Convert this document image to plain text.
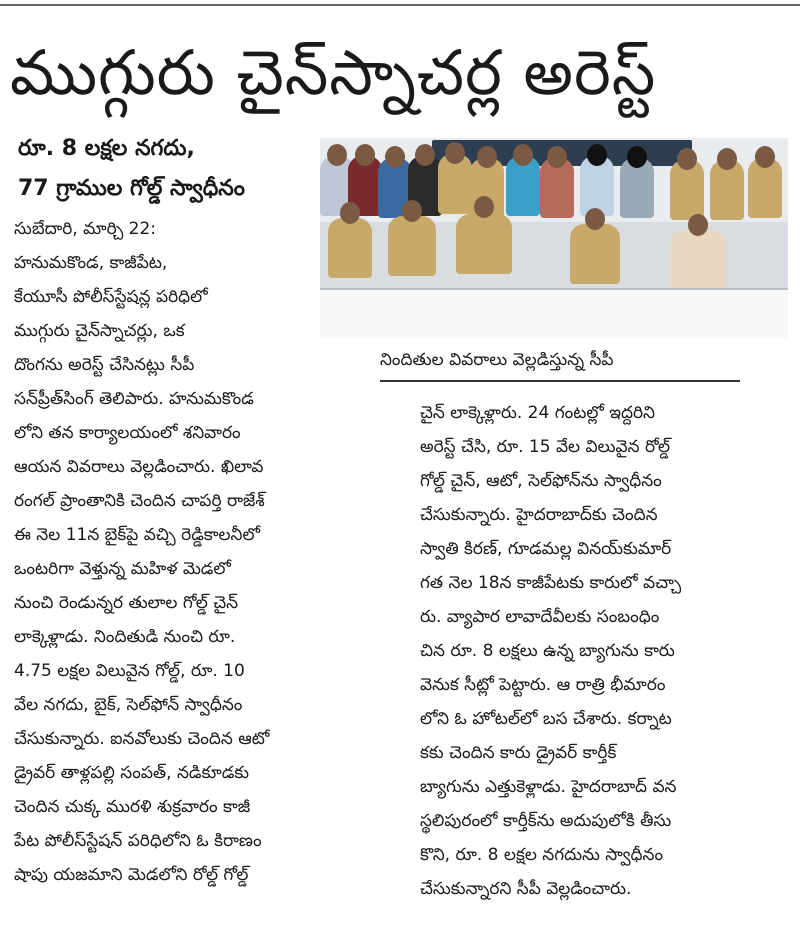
ముగ్గురు చైన్‌స్నాచర్ల అరెస్ట్
రూ. 8 లక్షల నగదు,
77 గ్రాముల గోల్డ్ స్వాధీనం
నిందితుల వివరాలు వెల్లడిస్తున్న సీపీ
సుబేదారి, మార్చి 22:
హనుమకొండ, కాజీపేట,
కేయూసీ పోలీస్‌స్టేషన్ల పరిధిలో
ముగ్గురు చైన్‌స్నాచర్లు, ఒక
దొంగను అరెస్ట్ చేసినట్లు సీపీ
సన్‌ప్రీత్‌సింగ్ తెలిపారు. హనుమకొండ
లోని తన కార్యాలయంలో శనివారం
ఆయన వివరాలు వెల్లడించారు. ఖిలావ
రంగల్ ప్రాంతానికి చెందిన చాపర్తి రాజేశ్
ఈ నెల 11న బైక్‌పై వచ్చి రెడ్డికాలనీలో
ఒంటరిగా వెళ్తున్న మహిళ మెడలో
నుంచి రెండున్నర తులాల గోల్డ్ చైన్
లాక్కెళ్లాడు. నిందితుడి నుంచి రూ.
4.75 లక్షల విలువైన గోల్డ్, రూ. 10
వేల నగదు, బైక్, సెల్‌ఫోన్ స్వాధీనం
చేసుకున్నారు. ఐనవోలుకు చెందిన ఆటో
డ్రైవర్ తాళ్లపల్లి సంపత్, నడికూడకు
చెందిన చుక్క మురళి శుక్రవారం కాజీ
పేట పోలీస్‌స్టేషన్ పరిధిలోని ఓ కిరాణం
షాపు యజమాని మెడలోని రోల్డ్ గోల్డ్
చైన్ లాక్కెళ్లారు. 24 గంటల్లో ఇద్దరిని
అరెస్ట్ చేసి, రూ. 15 వేల విలువైన రోల్డ్
గోల్డ్ చైన్, ఆటో, సెల్‌ఫోన్‌ను స్వాధీనం
చేసుకున్నారు. హైదరాబాద్‌కు చెందిన
స్వాతి కిరణ్, గూడమల్ల వినయ్‌కుమార్
గత నెల 18న కాజీపేటకు కారులో వచ్చా
రు. వ్యాపార లావాదేవీలకు సంబంధిం
చిన రూ. 8 లక్షలు ఉన్న బ్యాగును కారు
వెనుక సీట్లో పెట్టారు. ఆ రాత్రి భీమారం
లోని ఓ హోటల్‌లో బస చేశారు. కర్నాట
కకు చెందిన కారు డ్రైవర్ కార్తీక్
బ్యాగును ఎత్తుకెళ్లాడు. హైదరాబాద్ వన
స్థలిపురంలో కార్తీక్‌ను అదుపులోకి తీసు
కొని, రూ. 8 లక్షల నగదును స్వాధీనం
చేసుకున్నారని సీపీ వెల్లడించారు.
